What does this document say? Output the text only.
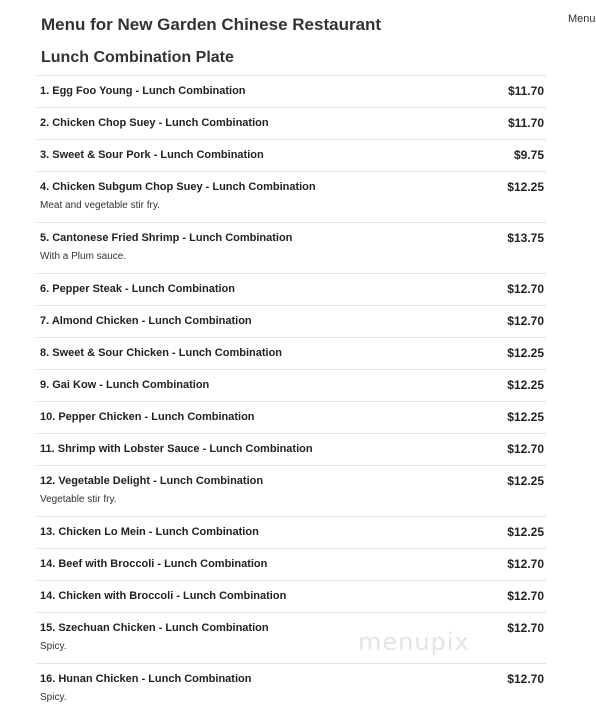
Menu for New Garden Chinese Restaurant	Menu
Lunch Combination Plate
1. Egg Foo Young - Lunch Combination	$11.70
2. Chicken Chop Suey - Lunch Combination	$11.70
3. Sweet & Sour Pork - Lunch Combination	$9.75
4. Chicken Subgum Chop Suey - Lunch Combination	$12.25
Meat and vegetable stir fry.
5. Cantonese Fried Shrimp - Lunch Combination	$13.75
With a Plum sauce.
6. Pepper Steak - Lunch Combination	$12.70
7. Almond Chicken - Lunch Combination	$12.70
8. Sweet & Sour Chicken - Lunch Combination	$12.25
9. Gai Kow - Lunch Combination	$12.25
10. Pepper Chicken - Lunch Combination	$12.25
11. Shrimp with Lobster Sauce - Lunch Combination	$12.70
12. Vegetable Delight - Lunch Combination	$12.25
Vegetable stir fry.
13. Chicken Lo Mein - Lunch Combination	$12.25
14. Beef with Broccoli - Lunch Combination	$12.70
14. Chicken with Broccoli - Lunch Combination	$12.70
15. Szechuan Chicken - Lunch Combination	$12.70
Spicy.
16. Hunan Chicken - Lunch Combination	$12.70
Spicy.
menupix
